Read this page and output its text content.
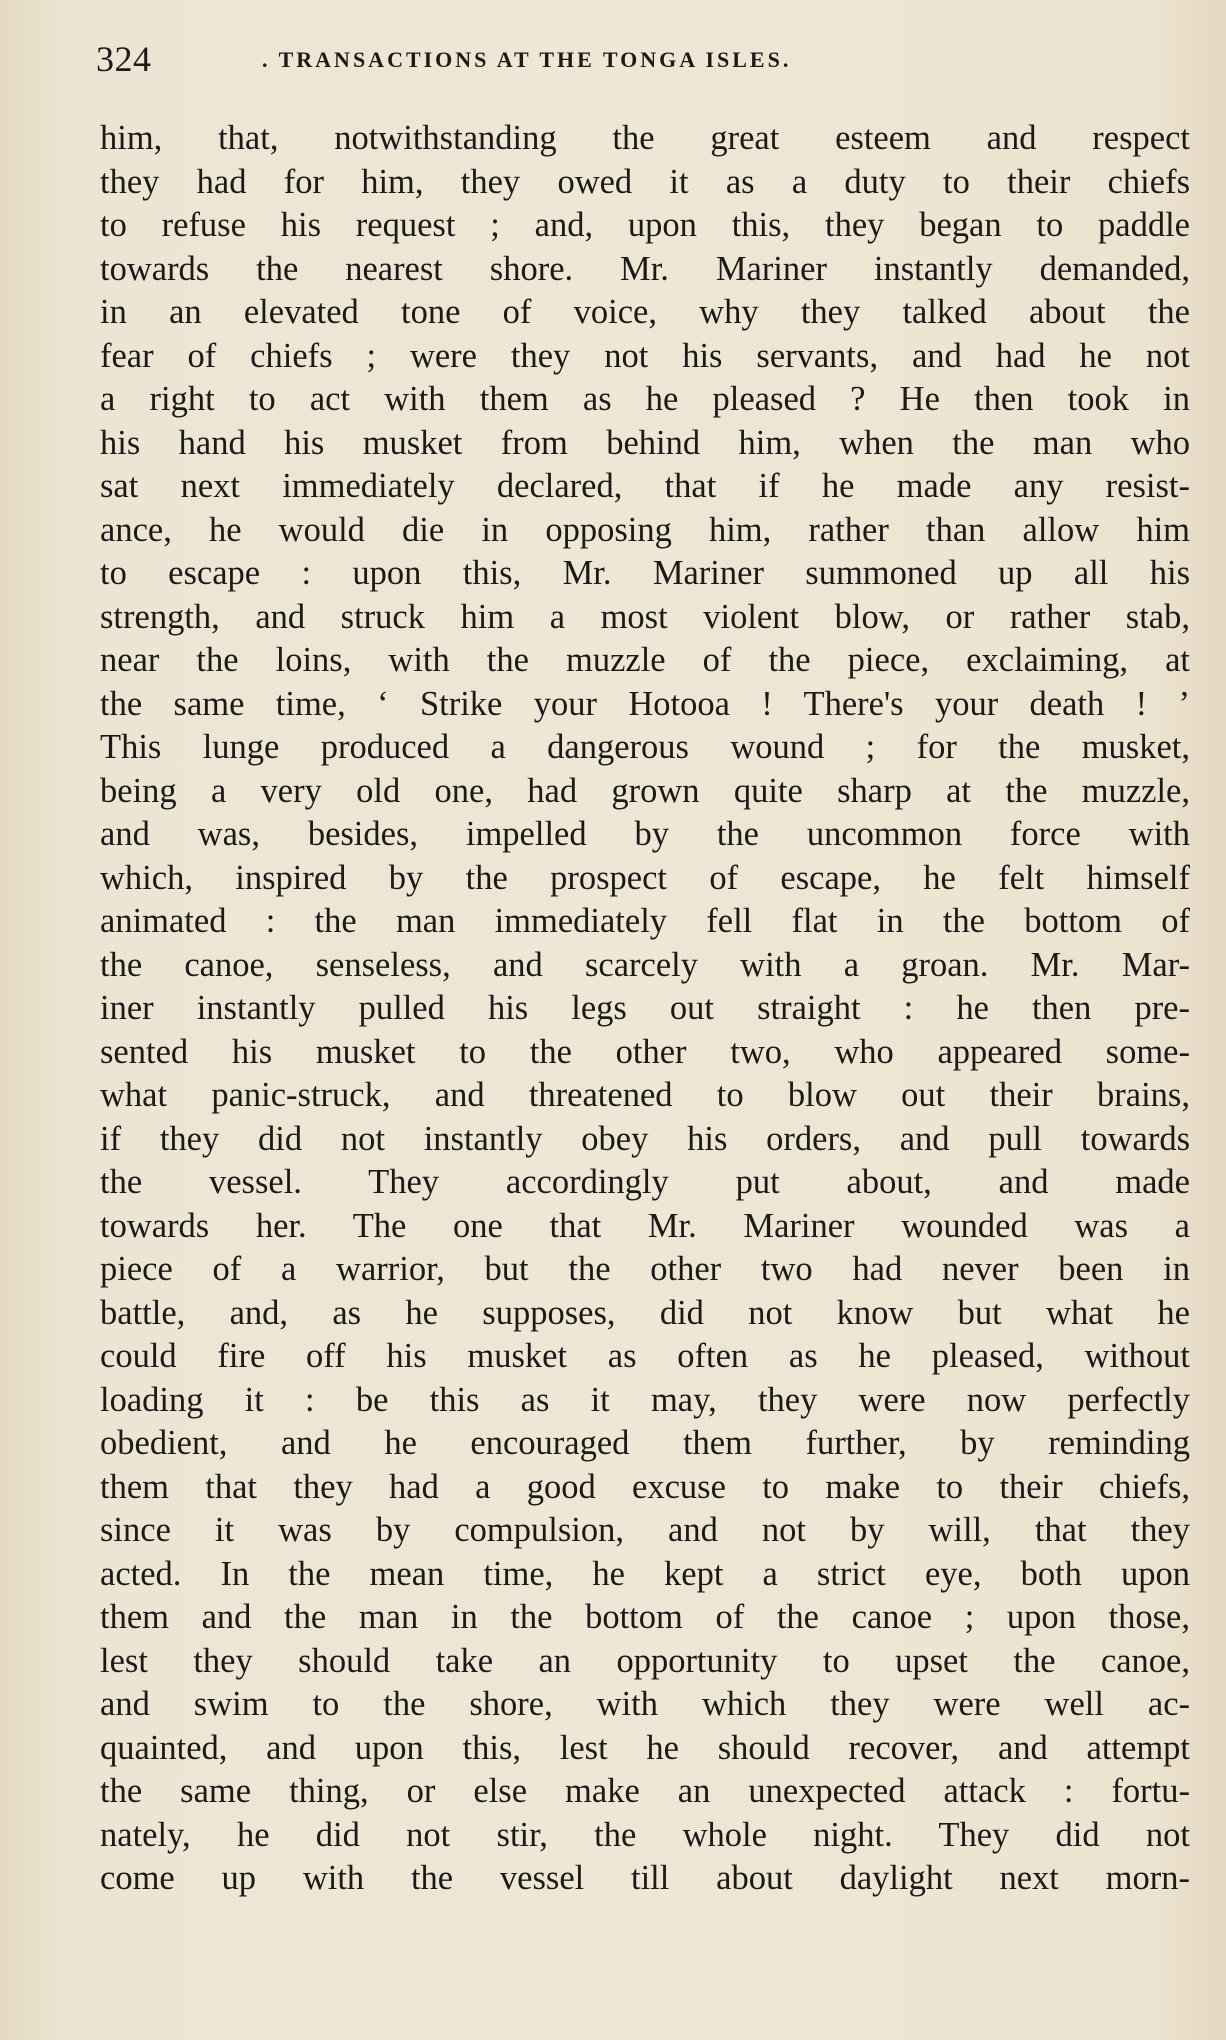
324	. TRANSACTIONS AT THE TONGA ISLES.
him, that, notwithstanding the great esteem and respect
they had for him, they owed it as a duty to their chiefs
to refuse his request ; and, upon this, they began to paddle
towards the nearest shore. Mr. Mariner instantly demanded,
in an elevated tone of voice, why they talked about the
fear of chiefs ; were they not his servants, and had he not
a right to act with them as he pleased ? He then took in
his hand his musket from behind him, when the man who
sat next immediately declared, that if he made any resist-
ance, he would die in opposing him, rather than allow him
to escape : upon this, Mr. Mariner summoned up all his
strength, and struck him a most violent blow, or rather stab,
near the loins, with the muzzle of the piece, exclaiming, at
the same time, ‘ Strike your Hotooa ! There's your death ! ’
This lunge produced a dangerous wound ; for the musket,
being a very old one, had grown quite sharp at the muzzle,
and was, besides, impelled by the uncommon force with
which, inspired by the prospect of escape, he felt himself
animated : the man immediately fell flat in the bottom of
the canoe, senseless, and scarcely with a groan. Mr. Mar-
iner instantly pulled his legs out straight : he then pre-
sented his musket to the other two, who appeared some-
what panic-struck, and threatened to blow out their brains,
if they did not instantly obey his orders, and pull towards
the vessel. They accordingly put about, and made
towards her. The one that Mr. Mariner wounded was a
piece of a warrior, but the other two had never been in
battle, and, as he supposes, did not know but what he
could fire off his musket as often as he pleased, without
loading it : be this as it may, they were now perfectly
obedient, and he encouraged them further, by reminding
them that they had a good excuse to make to their chiefs,
since it was by compulsion, and not by will, that they
acted. In the mean time, he kept a strict eye, both upon
them and the man in the bottom of the canoe ; upon those,
lest they should take an opportunity to upset the canoe,
and swim to the shore, with which they were well ac-
quainted, and upon this, lest he should recover, and attempt
the same thing, or else make an unexpected attack : fortu-
nately, he did not stir, the whole night. They did not
come up with the vessel till about daylight next morn-
